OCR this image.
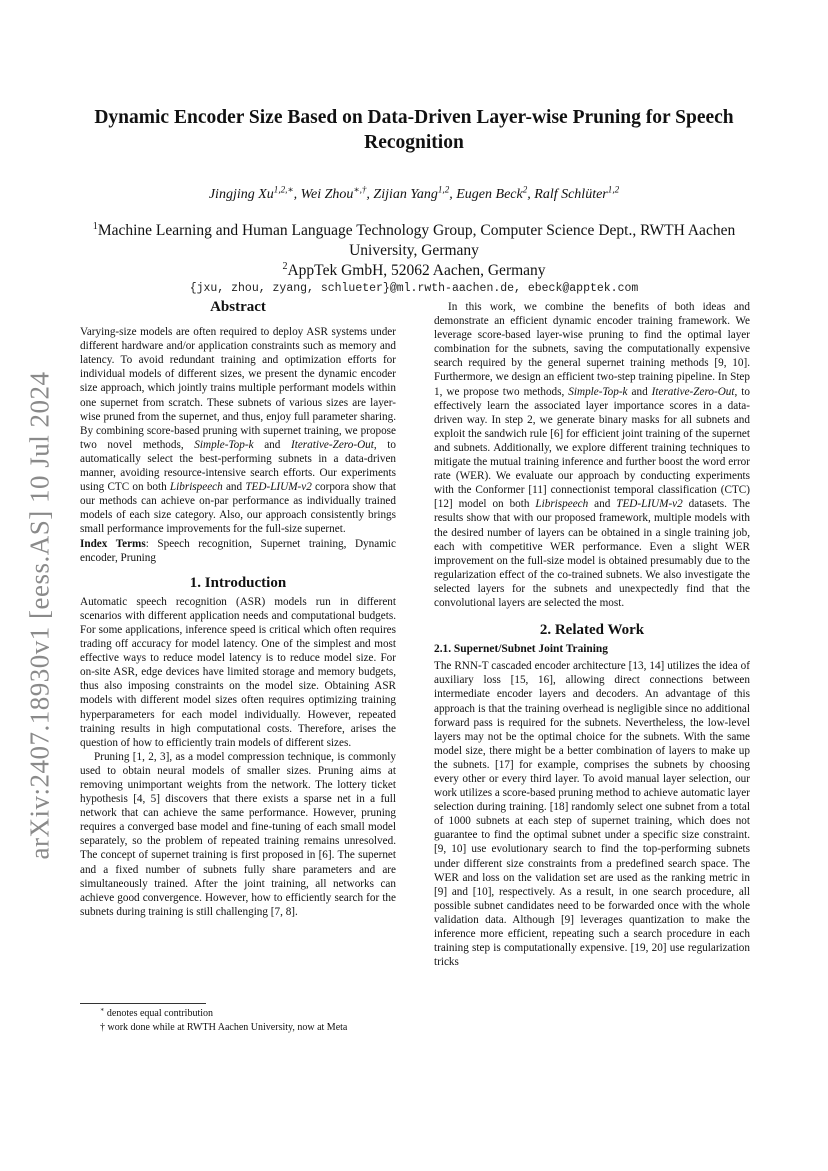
arXiv:2407.18930v1 [eess.AS] 10 Jul 2024
Dynamic Encoder Size Based on Data-Driven Layer-wise Pruning for Speech Recognition
Jingjing $Xu^{1,2,∗}$, Wei Zhou∗,†, Zijian Yang$^{1,2}$, Eugen Beck$^2$, Ralf Schlüter$^{1,2}$
$^1$Machine Learning and Human Language Technology Group, Computer Science Dept., RWTH Aachen University, Germany
$^2$AppTek GmbH, 52062 Aachen, Germany
{jxu, zhou, zyang, schlueter}@ml.rwth-aachen.de, ebeck@apptek.com
Abstract

Varying-size models are often required to deploy ASR systems under different hardware and/or application constraints such as memory and latency. To avoid redundant training and optimization efforts for individual models of different sizes, we present the dynamic encoder size approach, which jointly trains multiple performant models within one supernet from scratch. These subnets of various sizes are layer-wise pruned from the supernet, and thus, enjoy full parameter sharing. By combining score-based pruning with supernet training, we propose two novel methods, Simple-Top-k and Iterative-Zero-Out, to automatically select the best-performing subnets in a data-driven manner, avoiding resource-intensive search efforts. Our experiments using CTC on both Librispeech and TED-LIUM-v2 corpora show that our methods can achieve on-par performance as individually trained models of each size category. Also, our approach consistently brings small performance improvements for the full-size supernet.

Index Terms: Speech recognition, Supernet training, Dynamic encoder, Pruning

1. Introduction

Automatic speech recognition (ASR) models run in different scenarios with different application needs and computational budgets. For some applications, inference speed is critical which often requires trading off accuracy for model latency. One of the simplest and most effective ways to reduce model latency is to reduce model size. For on-site ASR, edge devices have limited storage and memory budgets, thus also imposing constraints on the model size. Obtaining ASR models with different model sizes often requires optimizing training hyperparameters for each model individually. However, repeated training results in high computational costs. Therefore, arises the question of how to efficiently train models of different sizes.

Pruning [1, 2, 3], as a model compression technique, is commonly used to obtain neural models of smaller sizes. Pruning aims at removing unimportant weights from the network. The lottery ticket hypothesis [4, 5] discovers that there exists a sparse net in a full network that can achieve the same performance. However, pruning requires a converged base model and fine-tuning of each small model separately, so the problem of repeated training remains unresolved. The concept of supernet training is first proposed in [6]. The supernet and a fixed number of subnets fully share parameters and are simultaneously trained. After the joint training, all networks can achieve good convergence. However, how to efficiently search for the subnets during training is still challenging [7, 8].

∗ denotes equal contribution
† work done while at RWTH Aachen University, now at Meta

In this work, we combine the benefits of both ideas and demonstrate an efficient dynamic encoder training framework. We leverage score-based layer-wise pruning to find the optimal layer combination for the subnets, saving the computationally expensive search required by the general supernet training methods [9, 10]. Furthermore, we design an efficient two-step training pipeline. In Step 1, we propose two methods, Simple-Top-k and Iterative-Zero-Out, to effectively learn the associated layer importance scores in a data-driven way. In step 2, we generate binary masks for all subnets and exploit the sandwich rule [6] for efficient joint training of the supernet and subnets. Additionally, we explore different training techniques to mitigate the mutual training inference and further boost the word error rate (WER). We evaluate our approach by conducting experiments with the Conformer [11] connectionist temporal classification (CTC) [12] model on both Librispeech and TED-LIUM-v2 datasets. The results show that with our proposed framework, multiple models with the desired number of layers can be obtained in a single training job, each with competitive WER performance. Even a slight WER improvement on the full-size model is obtained presumably due to the regularization effect of the co-trained subnets. We also investigate the selected layers for the subnets and unexpectedly find that the convolutional layers are selected the most.

2. Related Work
2.1. Supernet/Subnet Joint Training

The RNN-T cascaded encoder architecture [13, 14] utilizes the idea of auxiliary loss [15, 16], allowing direct connections between intermediate encoder layers and decoders. An advantage of this approach is that the training overhead is negligible since no additional forward pass is required for the subnets. Nevertheless, the low-level layers may not be the optimal choice for the subnets. With the same model size, there might be a better combination of layers to make up the subnets. [17] for example, comprises the subnets by choosing every other or every third layer. To avoid manual layer selection, our work utilizes a score-based pruning method to achieve automatic layer selection during training. [18] randomly select one subnet from a total of 1000 subnets at each step of supernet training, which does not guarantee to find the optimal subnet under a specific size constraint. [9, 10] use evolutionary search to find the top-performing subnets under different size constraints from a predefined search space. The WER and loss on the validation set are used as the ranking metric in [9] and [10], respectively. As a result, in one search procedure, all possible subnet candidates need to be forwarded once with the whole validation data. Although [9] leverages quantization to make the inference more efficient, repeating such a search procedure in each training step is computationally expensive. [19, 20] use regularization tricks
